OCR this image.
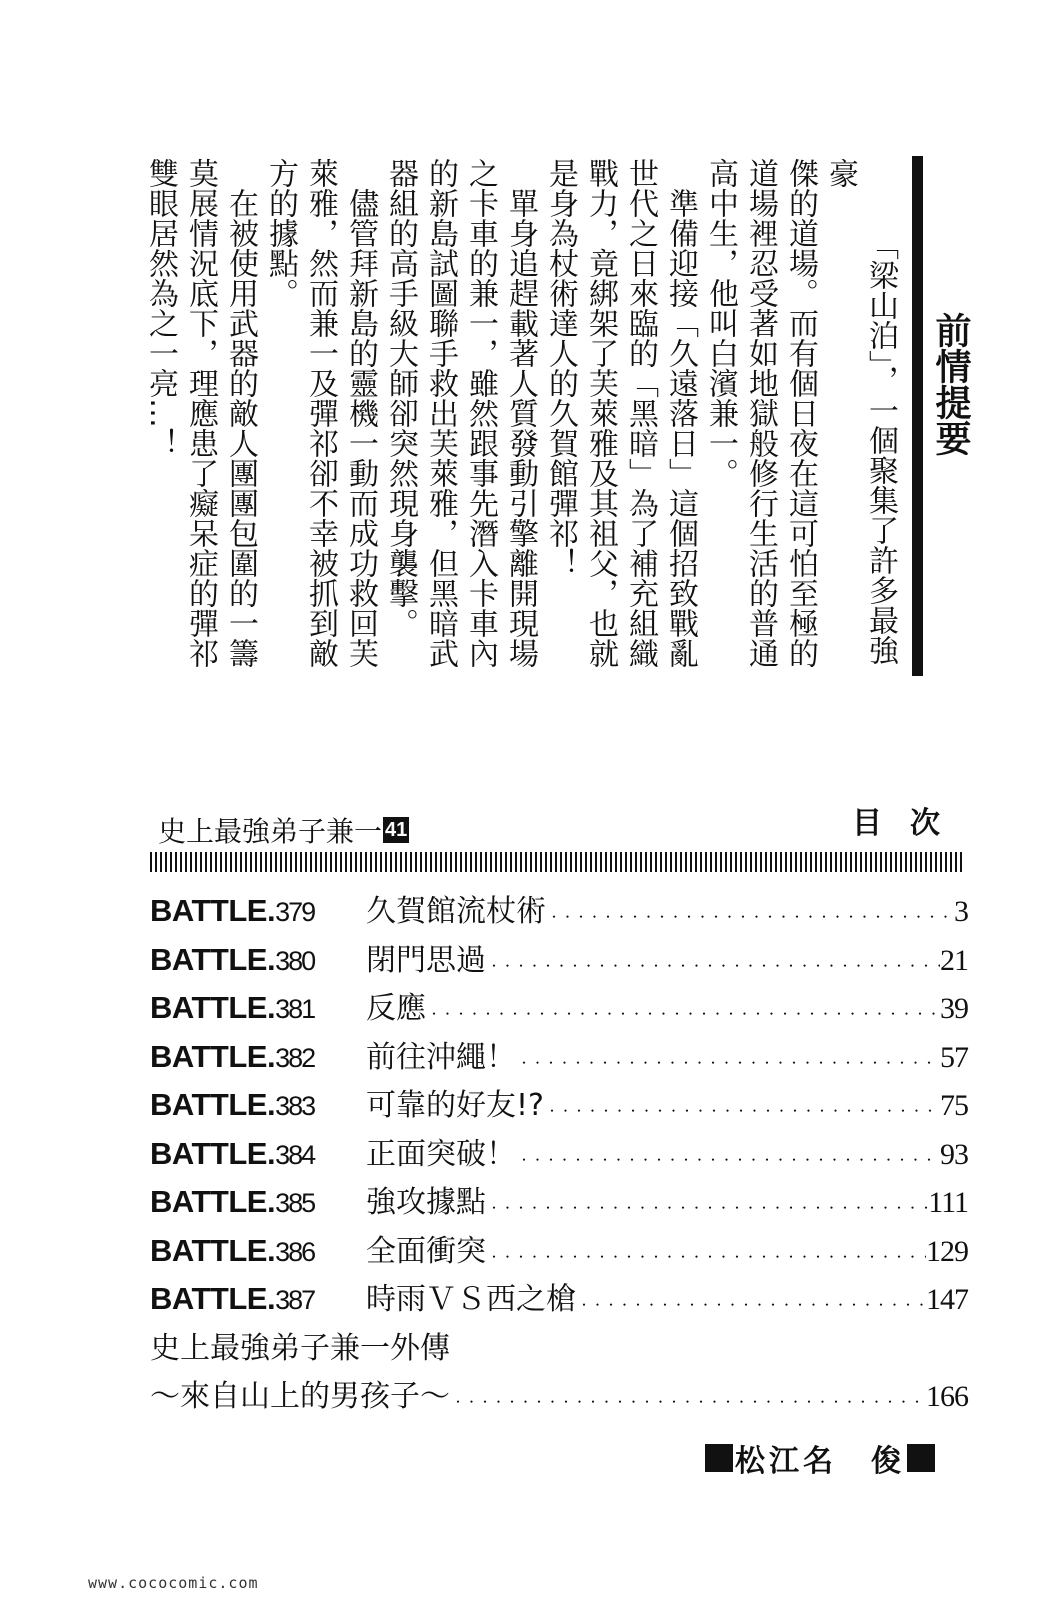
前情提要

「梁山泊」，一個聚集了許多最強豪

傑的道場。而有個日夜在這可怕至極的

道場裡忍受著如地獄般修行生活的普通

高中生，他叫白濱兼一。

準備迎接「久遠落日」這個招致戰亂

世代之日來臨的「黑暗」為了補充組織

戰力，竟綁架了芙萊雅及其祖父，也就

是身為杖術達人的久賀館彈祁！

單身追趕載著人質發動引擎離開現場

之卡車的兼一，雖然跟事先潛入卡車內

的新島試圖聯手救出芙萊雅，但黑暗武

器組的高手級大師卻突然現身襲擊。

儘管拜新島的靈機一動而成功救回芙

萊雅，然而兼一及彈祁卻不幸被抓到敵

方的據點。

在被使用武器的敵人團團包圍的一籌

莫展情況底下，理應患了癡呆症的彈祁

雙眼居然為之一亮…！

史上最強弟子兼一 41	目次
BATTLE.379	久賀館流杖術 ・・・・・・・・・・・・・・・・・・・・・・・・・・・・・・・・・・・・・・・・・・・・・・・・・・	3
BATTLE.380	閉門思過 ・・・・・・・・・・・・・・・・・・・・・・・・・・・・・・・・・・・・・・・・・・・・・・・・・・	21
BATTLE.381	反應 ・・・・・・・・・・・・・・・・・・・・・・・・・・・・・・・・・・・・・・・・・・・・・・・・・・	39
BATTLE.382	前往沖繩！ ・・・・・・・・・・・・・・・・・・・・・・・・・・・・・・・・・・・・・・・・・・・・・・・・・・	57
BATTLE.383	可靠的好友!? ・・・・・・・・・・・・・・・・・・・・・・・・・・・・・・・・・・・・・・・・・・・・・・・・・・	75
BATTLE.384	正面突破！ ・・・・・・・・・・・・・・・・・・・・・・・・・・・・・・・・・・・・・・・・・・・・・・・・・・	93
BATTLE.385	強攻據點 ・・・・・・・・・・・・・・・・・・・・・・・・・・・・・・・・・・・・・・・・・・・・・・・・・・	111
BATTLE.386	全面衝突 ・・・・・・・・・・・・・・・・・・・・・・・・・・・・・・・・・・・・・・・・・・・・・・・・・・	129
BATTLE.387	時雨ＶＳ西之槍 ・・・・・・・・・・・・・・・・・・・・・・・・・・・・・・・・・・・・・・・・・・・・・・・・・・	147
史上最強弟子兼一外傳
～來自山上的男孩子～ ・・・・・・・・・・・・・・・・・・・・・・・・・・・・・・・・・・・・・・・・・・・・・・・・・・	166
松江名　俊
www.cococomic.com
